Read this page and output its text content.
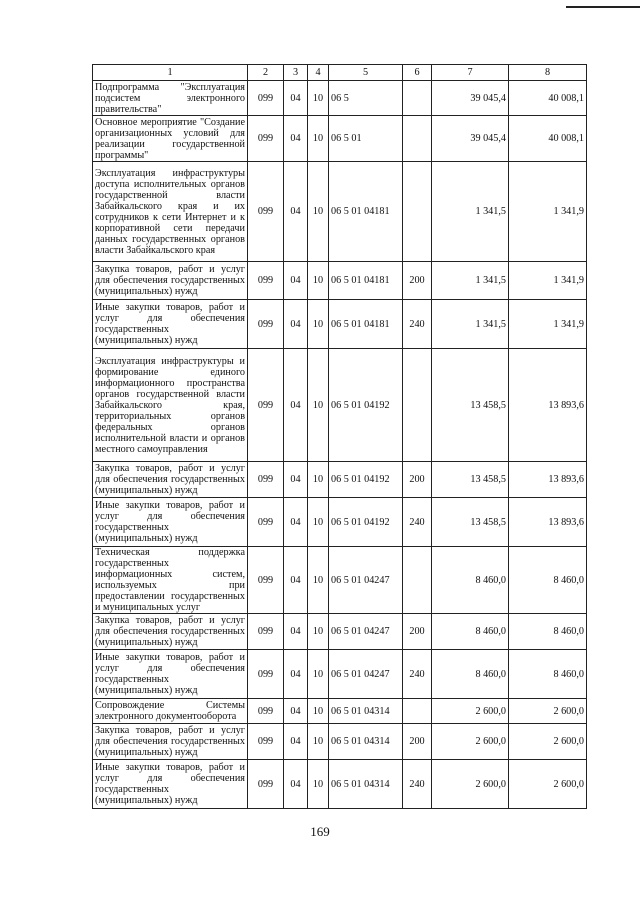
1	2	3	4	5	6	7	8
Подпрограмма "Эксплуатация подсистем электронного правительства"	099	04	10	06 5		39 045,4	40 008,1
Основное мероприятие "Создание организационных условий для реализации государственной программы"	099	04	10	06 5 01		39 045,4	40 008,1
Эксплуатация инфраструктуры доступа исполнительных органов государственной власти Забайкальского края и их сотрудников к сети Интернет и к корпоративной сети передачи данных государственных органов власти Забайкальского края	099	04	10	06 5 01 04181		1 341,5	1 341,9
Закупка товаров, работ и услуг для обеспечения государственных (муниципальных) нужд	099	04	10	06 5 01 04181	200	1 341,5	1 341,9
Иные закупки товаров, работ и услуг для обеспечения государственных (муниципальных) нужд	099	04	10	06 5 01 04181	240	1 341,5	1 341,9
Эксплуатация инфраструктуры и формирование единого информационного пространства органов государственной власти Забайкальского края, территориальных органов федеральных органов исполнительной власти и органов местного самоуправления	099	04	10	06 5 01 04192		13 458,5	13 893,6
Закупка товаров, работ и услуг для обеспечения государственных (муниципальных) нужд	099	04	10	06 5 01 04192	200	13 458,5	13 893,6
Иные закупки товаров, работ и услуг для обеспечения государственных (муниципальных) нужд	099	04	10	06 5 01 04192	240	13 458,5	13 893,6
Техническая поддержка государственных информационных систем, используемых при предоставлении государственных и муниципальных услуг	099	04	10	06 5 01 04247		8 460,0	8 460,0
Закупка товаров, работ и услуг для обеспечения государственных (муниципальных) нужд	099	04	10	06 5 01 04247	200	8 460,0	8 460,0
Иные закупки товаров, работ и услуг для обеспечения государственных (муниципальных) нужд	099	04	10	06 5 01 04247	240	8 460,0	8 460,0
Сопровождение Системы электронного документооборота	099	04	10	06 5 01 04314		2 600,0	2 600,0
Закупка товаров, работ и услуг для обеспечения государственных (муниципальных) нужд	099	04	10	06 5 01 04314	200	2 600,0	2 600,0
Иные закупки товаров, работ и услуг для обеспечения государственных (муниципальных) нужд	099	04	10	06 5 01 04314	240	2 600,0	2 600,0
169
